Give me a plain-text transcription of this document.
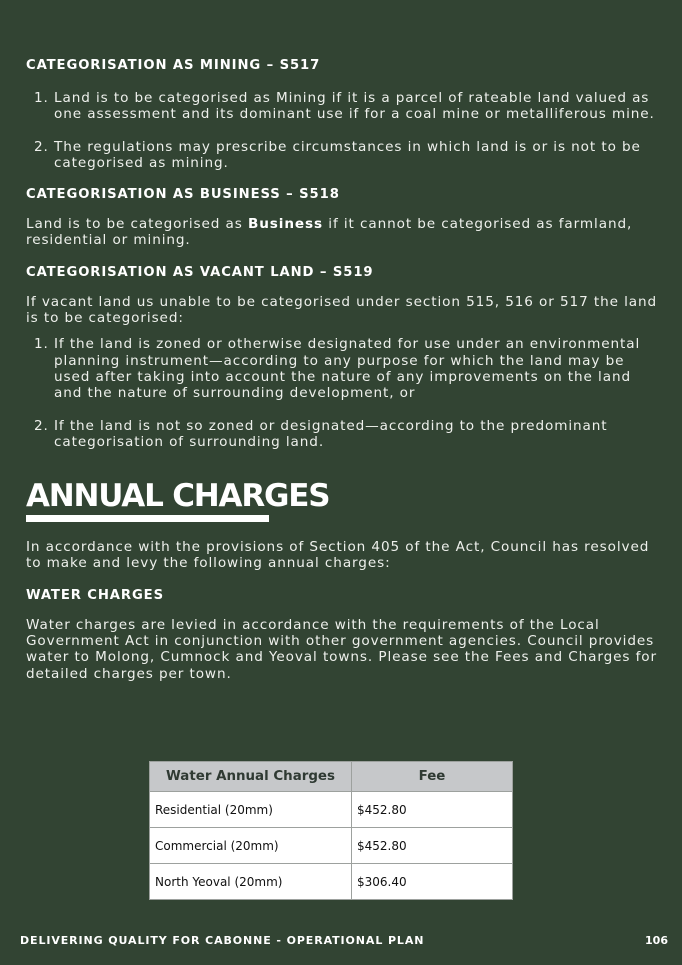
CATEGORISATION AS MINING – S517
1. Land is to be categorised as Mining if it is a parcel of rateable land valued as one assessment and its dominant use if for a coal mine or metalliferous mine.
2. The regulations may prescribe circumstances in which land is or is not to be categorised as mining.
CATEGORISATION AS BUSINESS – S518

Land is to be categorised as Business if it cannot be categorised as farmland, residential or mining.

CATEGORISATION AS VACANT LAND – S519

If vacant land us unable to be categorised under section 515, 516 or 517 the land is to be categorised:

1. If the land is zoned or otherwise designated for use under an environmental planning instrument—according to any purpose for which the land may be used after taking into account the nature of any improvements on the land and the nature of surrounding development, or
2. If the land is not so zoned or designated—according to the predominant categorisation of surrounding land.
ANNUAL CHARGES

In accordance with the provisions of Section 405 of the Act, Council has resolved to make and levy the following annual charges:

WATER CHARGES

Water charges are levied in accordance with the requirements of the Local Government Act in conjunction with other government agencies. Council provides water to Molong, Cumnock and Yeoval towns. Please see the Fees and Charges for detailed charges per town.

Water Annual Charges	Fee
Residential (20mm)	$452.80
Commercial (20mm)	$452.80
North Yeoval (20mm)	$306.40
DELIVERING QUALITY FOR CABONNE - OPERATIONAL PLAN	106
